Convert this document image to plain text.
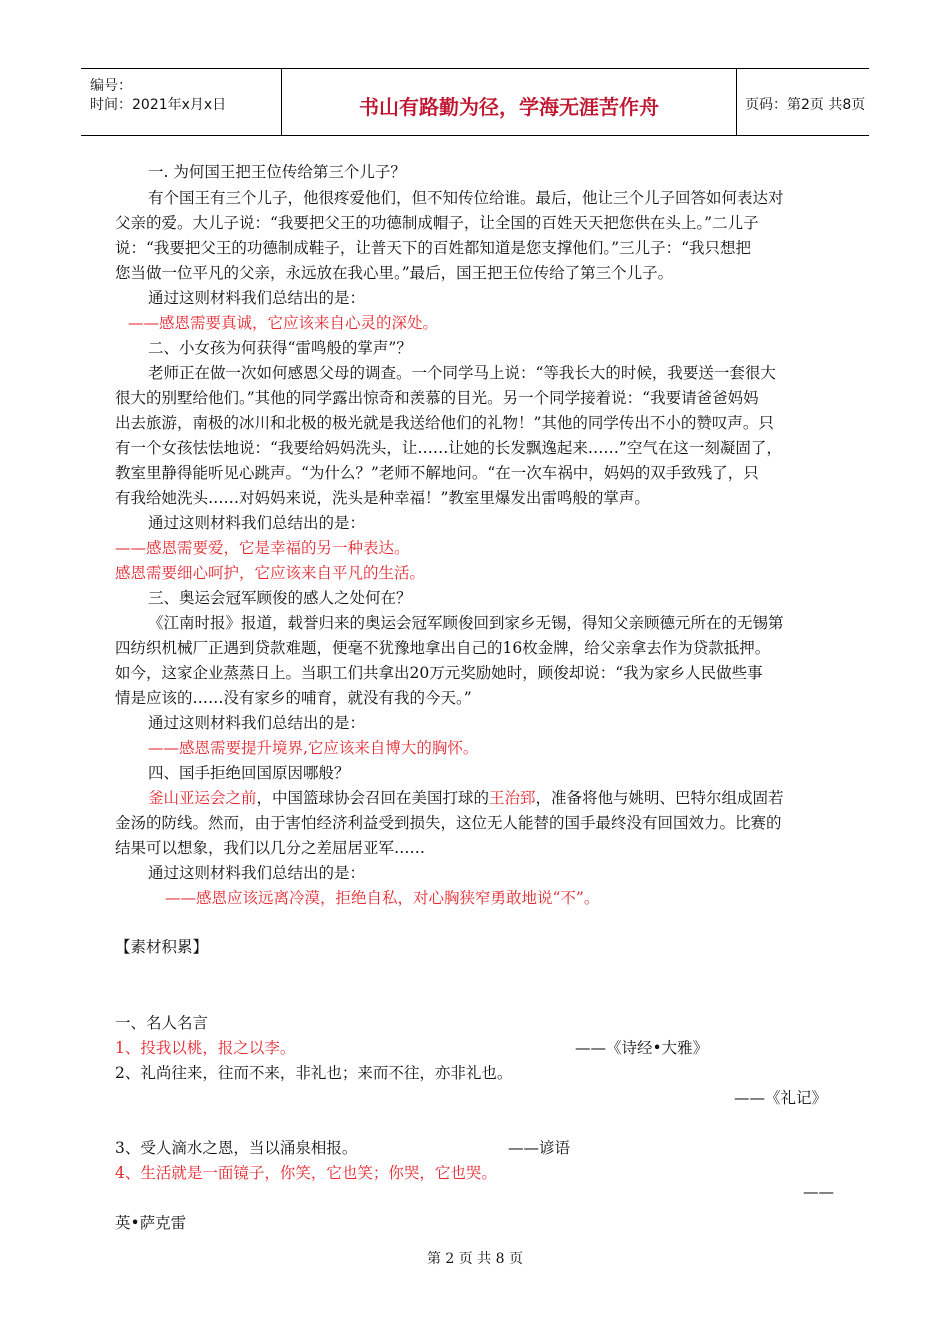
编号：
时间：2021年x月x日	书山有路勤为径，学海无涯苦作舟	页码：第2页 共8页
一. 为何国王把王位传给第三个儿子？
有个国王有三个儿子，他很疼爱他们，但不知传位给谁。最后，他让三个儿子回答如何表达对
父亲的爱。大儿子说：“我要把父王的功德制成帽子，让全国的百姓天天把您供在头上。”二儿子
说：“我要把父王的功德制成鞋子，让普天下的百姓都知道是您支撑他们。”三儿子：“我只想把
您当做一位平凡的父亲，永远放在我心里。”最后，国王把王位传给了第三个儿子。
通过这则材料我们总结出的是：
——感恩需要真诚，它应该来自心灵的深处。
二、小女孩为何获得“雷鸣般的掌声”？
老师正在做一次如何感恩父母的调查。一个同学马上说：“等我长大的时候，我要送一套很大
很大的别墅给他们。”其他的同学露出惊奇和羡慕的目光。另一个同学接着说：“我要请爸爸妈妈
出去旅游，南极的冰川和北极的极光就是我送给他们的礼物！”其他的同学传出不小的赞叹声。只
有一个女孩怯怯地说：“我要给妈妈洗头，让……让她的长发飘逸起来……”空气在这一刻凝固了，
教室里静得能听见心跳声。“为什么？”老师不解地问。“在一次车祸中，妈妈的双手致残了，只
有我给她洗头……对妈妈来说，洗头是种幸福！”教室里爆发出雷鸣般的掌声。
通过这则材料我们总结出的是：
——感恩需要爱，它是幸福的另一种表达。
感恩需要细心呵护，它应该来自平凡的生活。
三、奥运会冠军顾俊的感人之处何在？
《江南时报》报道，载誉归来的奥运会冠军顾俊回到家乡无锡，得知父亲顾德元所在的无锡第
四纺织机械厂正遇到贷款难题，便毫不犹豫地拿出自己的16枚金牌，给父亲拿去作为贷款抵押。
如今，这家企业蒸蒸日上。当职工们共拿出20万元奖励她时，顾俊却说：“我为家乡人民做些事
情是应该的……没有家乡的哺育，就没有我的今天。”
通过这则材料我们总结出的是：
——感恩需要提升境界,它应该来自博大的胸怀。
四、国手拒绝回国原因哪般？
釜山亚运会之前，中国篮球协会召回在美国打球的王治郅，准备将他与姚明、巴特尔组成固若
金汤的防线。然而，由于害怕经济利益受到损失，这位无人能替的国手最终没有回国效力。比赛的
结果可以想象，我们以几分之差屈居亚军……
通过这则材料我们总结出的是：
——感恩应该远离冷漠，拒绝自私，对心胸狭窄勇敢地说“不”。
【素材积累】
一、名人名言
1、投我以桃，报之以李。	——《诗经•大雅》
2、礼尚往来，往而不来，非礼也；来而不往，亦非礼也。
——《礼记》
3、受人滴水之恩，当以涌泉相报。	——谚语
4、生活就是一面镜子，你笑，它也笑；你哭，它也哭。
——
英•萨克雷
第 2 页 共 8 页
